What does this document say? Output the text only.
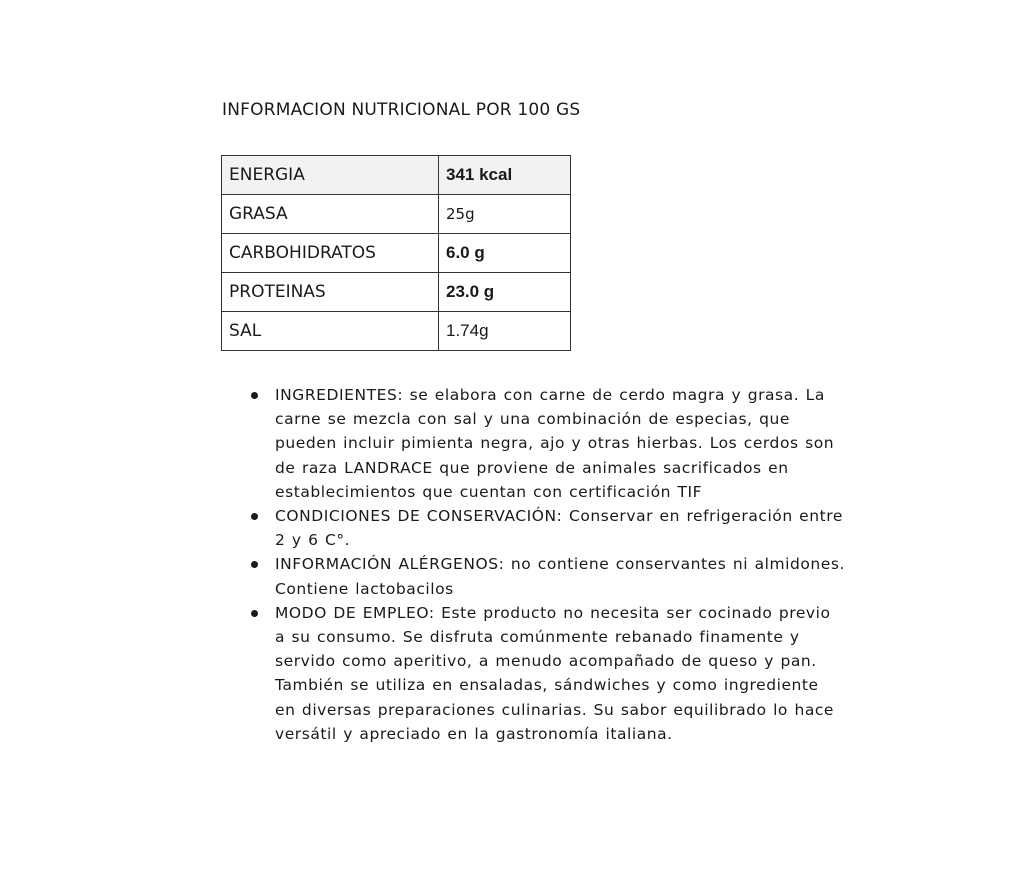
INFORMACION NUTRICIONAL POR 100 GS
ENERGIA	341 kcal
GRASA	25g
CARBOHIDRATOS	6.0 g
PROTEINAS	23.0 g
SAL	1.74g
INGREDIENTES: se elabora con carne de cerdo magra y grasa. La carne se mezcla con sal y una combinación de especias, que pueden incluir pimienta negra, ajo y otras hierbas. Los cerdos son de raza LANDRACE que proviene de animales sacrificados en establecimientos que cuentan con certificación TIF
CONDICIONES DE CONSERVACIÓN: Conservar en refrigeración entre 2 y 6 C°.
INFORMACIÓN ALÉRGENOS: no contiene conservantes ni almidones. Contiene lactobacilos
MODO DE EMPLEO: Este producto no necesita ser cocinado previo a su consumo. Se disfruta comúnmente rebanado finamente y servido como aperitivo, a menudo acompañado de queso y pan. También se utiliza en ensaladas, sándwiches y como ingrediente en diversas preparaciones culinarias. Su sabor equilibrado lo hace versátil y apreciado en la gastronomía italiana.
